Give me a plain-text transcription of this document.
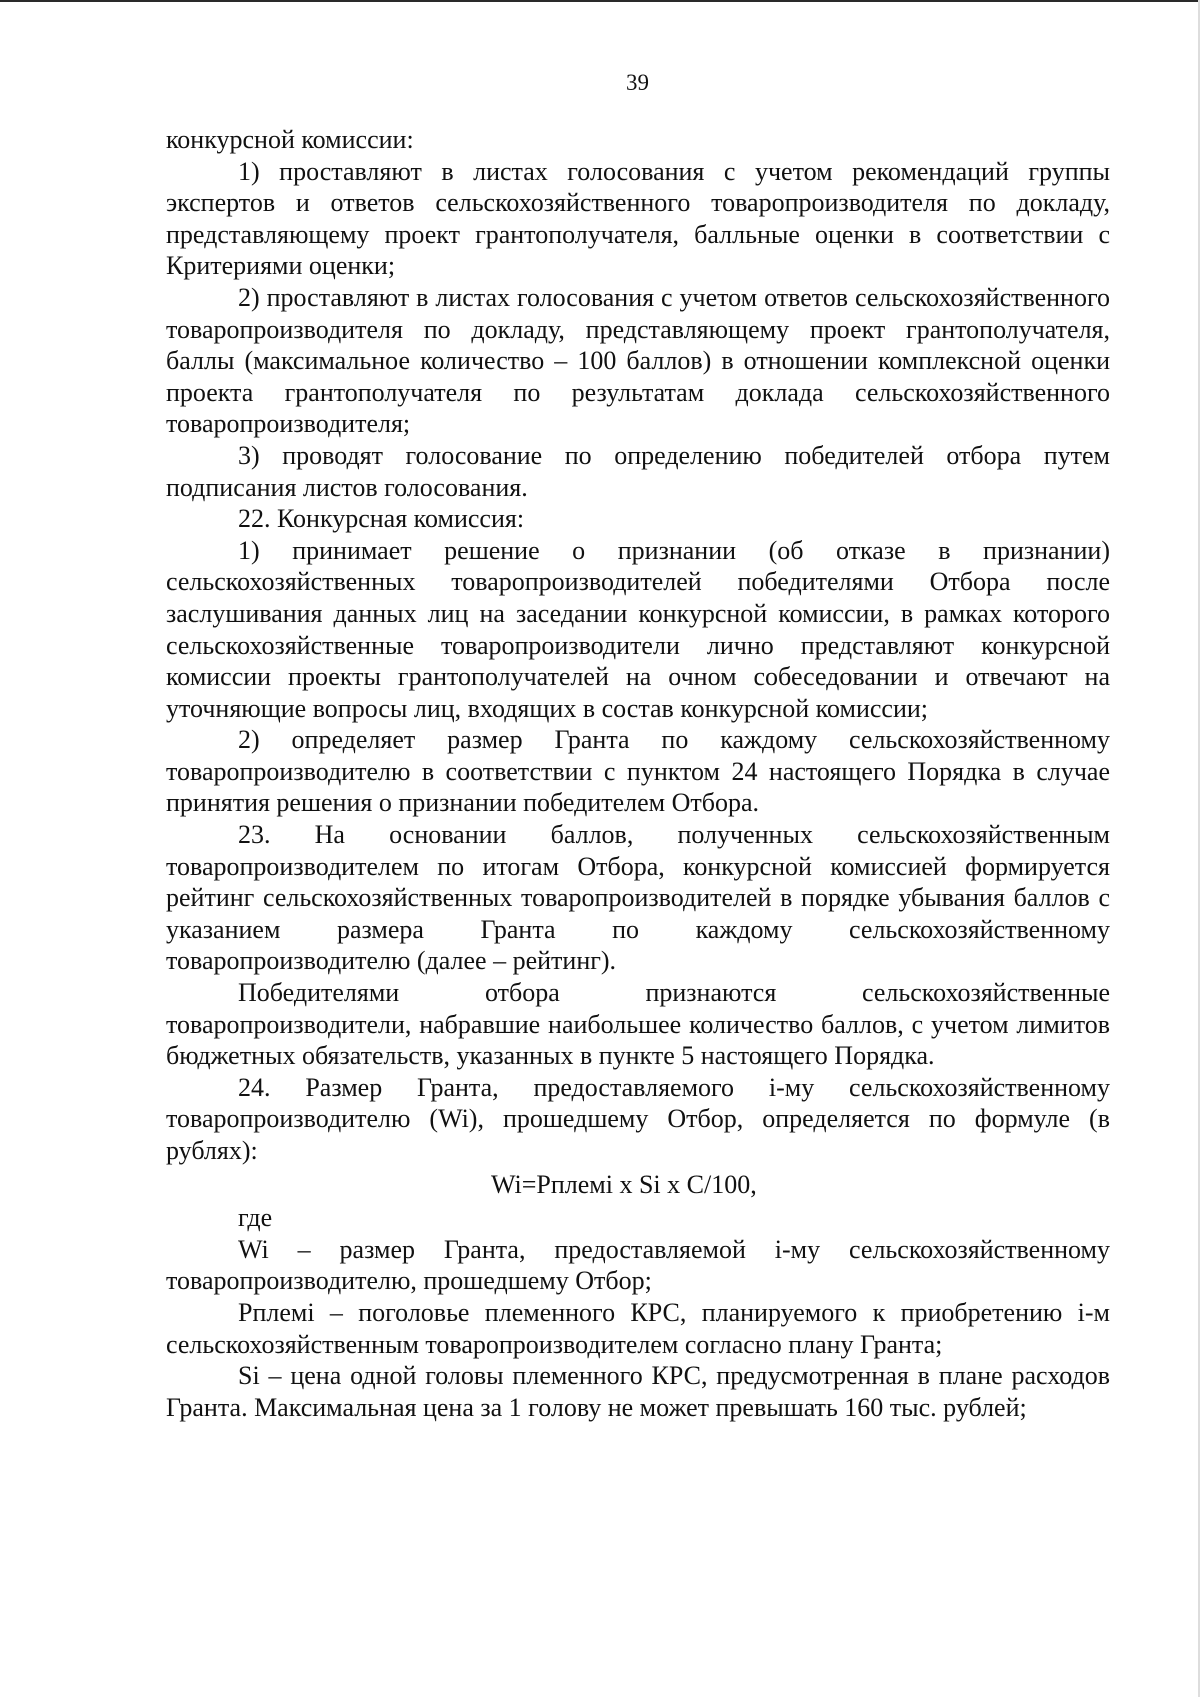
39

конкурсной комиссии:

1) проставляют в листах голосования с учетом рекомендаций группы экспертов и ответов сельскохозяйственного товаропроизводителя по докладу, представляющему проект грантополучателя, балльные оценки в соответствии с Критериями оценки;

2) проставляют в листах голосования с учетом ответов сельскохозяйственного товаропроизводителя по докладу, представляющему проект грантополучателя, баллы (максимальное количество – 100 баллов) в отношении комплексной оценки проекта грантополучателя по результатам доклада сельскохозяйственного товаропроизводителя;

3) проводят голосование по определению победителей отбора путем подписания листов голосования.

22. Конкурсная комиссия:

1) принимает решение о признании (об отказе в признании) сельскохозяйственных товаропроизводителей победителями Отбора после заслушивания данных лиц на заседании конкурсной комиссии, в рамках которого сельскохозяйственные товаропроизводители лично представляют конкурсной комиссии проекты грантополучателей на очном собеседовании и отвечают на уточняющие вопросы лиц, входящих в состав конкурсной комиссии;

2) определяет размер Гранта по каждому сельскохозяйственному товаропроизводителю в соответствии с пунктом 24 настоящего Порядка в случае принятия решения о признании победителем Отбора.

23. На основании баллов, полученных сельскохозяйственным товаропроизводителем по итогам Отбора, конкурсной комиссией формируется рейтинг сельскохозяйственных товаропроизводителей в порядке убывания баллов с указанием размера Гранта по каждому сельскохозяйственному товаропроизводителю (далее – рейтинг).

Победителями отбора признаются сельскохозяйственные товаропроизводители, набравшие наибольшее количество баллов, с учетом лимитов бюджетных обязательств, указанных в пункте 5 настоящего Порядка.

24. Размер Гранта, предоставляемого i-му сельскохозяйственному товаропроизводителю (Wi), прошедшему Отбор, определяется по формуле (в рублях):

Wi=Рплемi x Si x C/100,

где

Wi – размер Гранта, предоставляемой i-му сельскохозяйственному товаропроизводителю, прошедшему Отбор;

Рплемi – поголовье племенного КРС, планируемого к приобретению i-м сельскохозяйственным товаропроизводителем согласно плану Гранта;

Si – цена одной головы племенного КРС, предусмотренная в плане расходов Гранта. Максимальная цена за 1 голову не может превышать 160 тыс. рублей;
